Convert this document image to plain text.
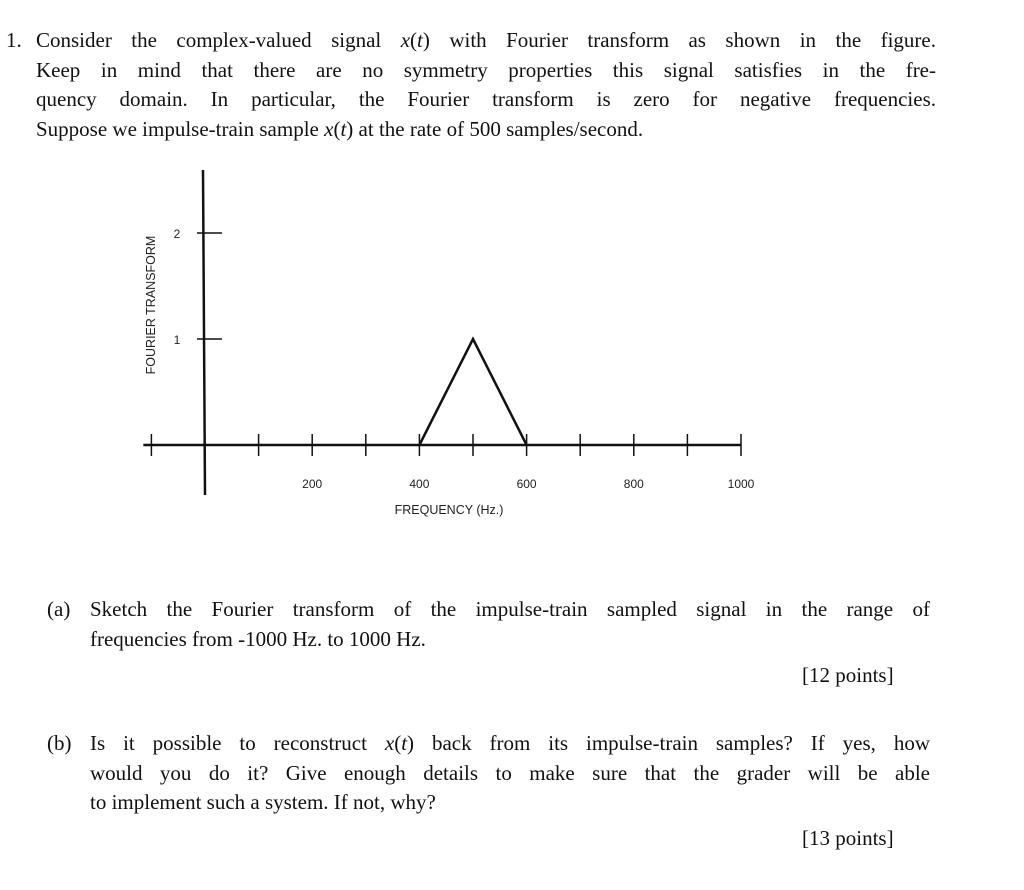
1. Consider the complex-valued signal x(t) with Fourier transform as shown in the figure.
Keep in mind that there are no symmetry properties this signal satisfies in the fre-
quency domain. In particular, the Fourier transform is zero for negative frequencies.
Suppose we impulse-train sample x(t) at the rate of 500 samples/second.
1
2
200	400	600	800	1000
FOURIER TRANSFORM
FREQUENCY (Hz.)
(a) Sketch the Fourier transform of the impulse-train sampled signal in the range of
frequencies from -1000 Hz. to 1000 Hz.
[12 points]
(b) Is it possible to reconstruct x(t) back from its impulse-train samples? If yes, how
would you do it? Give enough details to make sure that the grader will be able
to implement such a system. If not, why?
[13 points]
